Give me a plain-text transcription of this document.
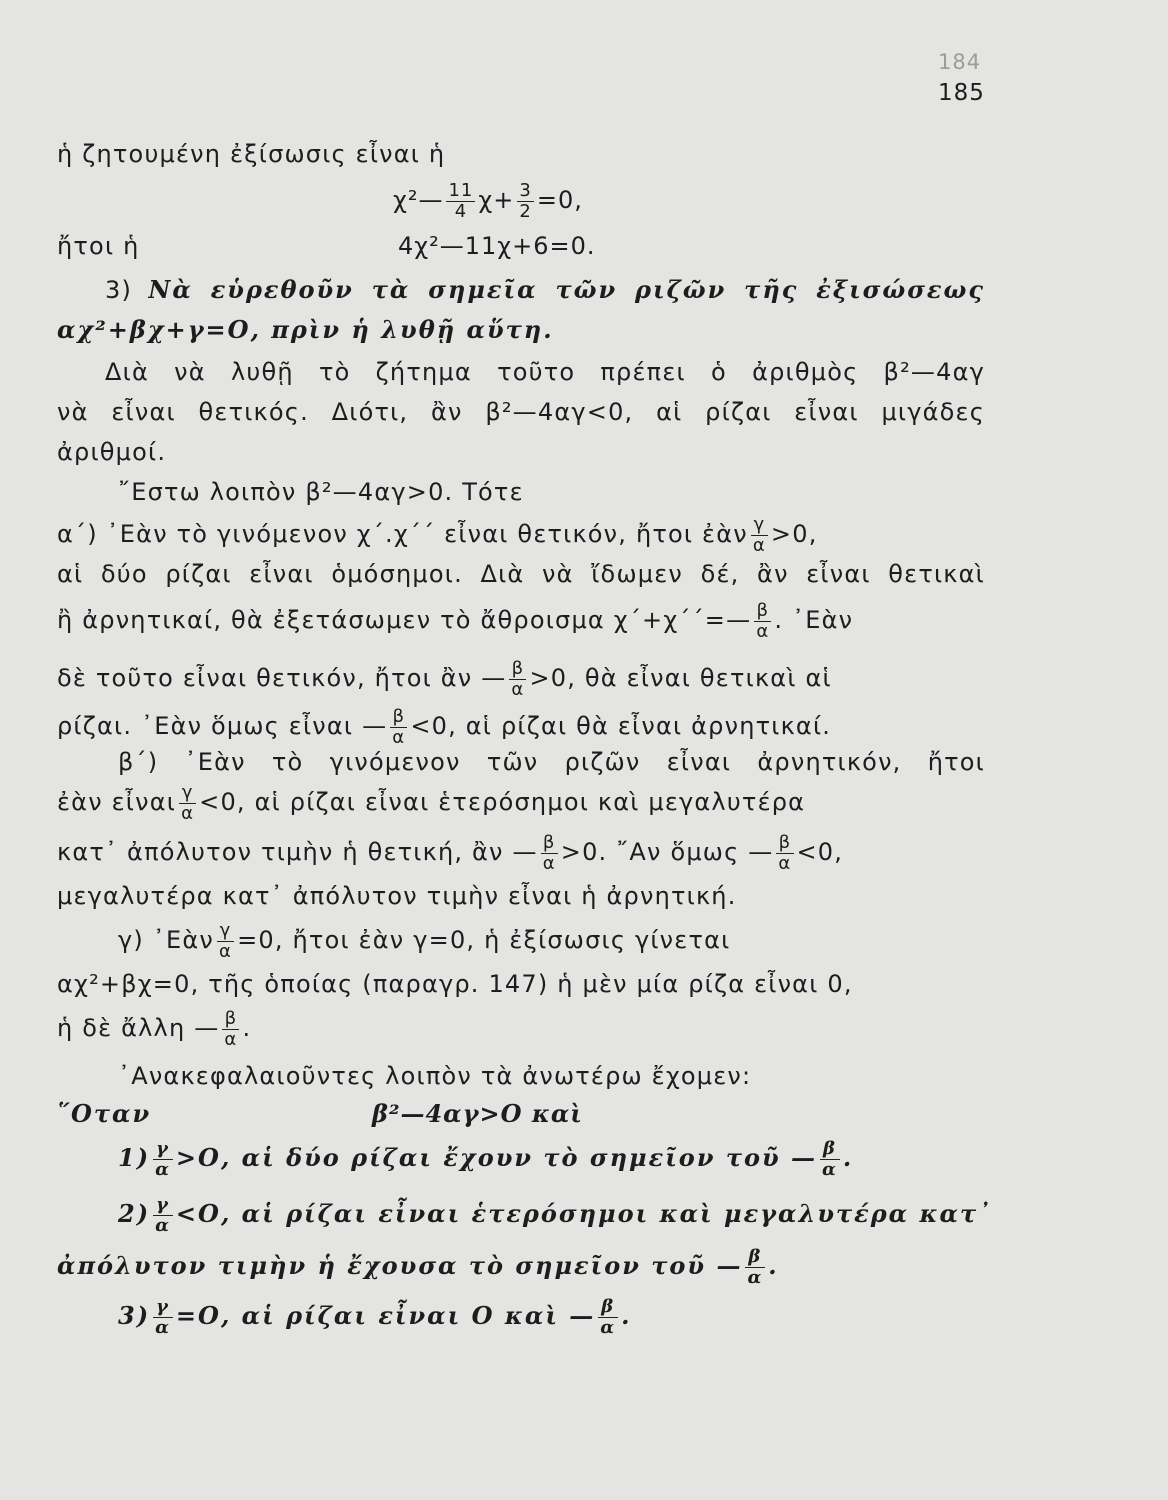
184
185
ἡ ζητουμένη ἐξίσωσις εἶναι ἡ
χ²— $\frac{11}{4} \chi+ \frac{3}{2} =0$,
ἤτοι ἡ	4χ²—11χ+6=0.
3) Νὰ εὑρεθοῦν τὰ σημεῖα τῶν ριζῶν τῆς ἐξισώσεως
αχ²+βχ+γ=Ο, πρὶν ἡ λυθῇ αὕτη.
Διὰ νὰ λυθῇ τὸ ζήτημα τοῦτο πρέπει ὁ ἀριθμὸς β²—4αγ
νὰ εἶναι θετικός. Διότι, ἂν β²—4αγ<0, αἱ ρίζαι εἶναι μιγάδες
ἀριθμοί.
῎Εστω λοιπὸν β²—4αγ>0. Τότε
α΄) ᾿Εὰν τὸ γινόμενον χ΄.χ΄΄ εἶναι θετικόν, ἤτοι ἐὰν $\frac{\gamma}{\alpha} >0$,
αἱ δύο ρίζαι εἶναι ὁμόσημοι. Διὰ νὰ ἴδωμεν δέ, ἂν εἶναι θετικαὶ
ἢ ἀρνητικαί, θὰ ἐξετάσωμεν τὸ ἄθροισμα χ΄+χ΄΄=— $\frac{\beta}{\alpha}$ . ᾿Εὰν
δὲ τοῦτο εἶναι θετικόν, ἤτοι ἂν — $\frac{\beta}{\alpha} >0$, θὰ εἶναι θετικαὶ αἱ
ρίζαι. ᾿Εὰν ὅμως εἶναι — $\frac{\beta}{\alpha} <0$, αἱ ρίζαι θὰ εἶναι ἀρνητικαί.
β΄) ᾿Εὰν τὸ γινόμενον τῶν ριζῶν εἶναι ἀρνητικόν, ἤτοι
ἐὰν εἶναι $\frac{\gamma}{\alpha} <0$, αἱ ρίζαι εἶναι ἑτερόσημοι καὶ μεγαλυτέρα
κατ᾿ ἀπόλυτον τιμὴν ἡ θετική, ἂν — $\frac{\beta}{\alpha} >0$. ῎Αν ὅμως — $\frac{\beta}{\alpha} <0$,
μεγαλυτέρα κατ᾿ ἀπόλυτον τιμὴν εἶναι ἡ ἀρνητική.
γ) ᾿Εὰν $\frac{\gamma}{\alpha} =0$, ἤτοι ἐὰν γ=0, ἡ ἐξίσωσις γίνεται
αχ²+βχ=0, τῆς ὁποίας (παραγρ. 147) ἡ μὲν μία ρίζα εἶναι 0,
ἡ δὲ ἄλλη — $\frac{\beta}{\alpha}$ .
᾿Ανακεφαλαιοῦντες λοιπὸν τὰ ἀνωτέρω ἔχομεν:
῞Οταν	β²—4αγ>Ο καὶ
$1) \frac{\gamma}{\alpha} >O$, αἱ δύο ρίζαι ἔχουν τὸ σημεῖον τοῦ — $\frac{\beta}{\alpha}$ .
$2) \frac{\gamma}{\alpha} <O$, αἱ ρίζαι εἶναι ἑτερόσημοι καὶ μεγαλυτέρα κατ᾿
ἀπόλυτον τιμὴν ἡ ἔχουσα τὸ σημεῖον τοῦ — $\frac{\beta}{\alpha}$ .
$3) \frac{\gamma}{\alpha} =O$, αἱ ρίζαι εἶναι Ο καὶ — $\frac{\beta}{\alpha}$ .
